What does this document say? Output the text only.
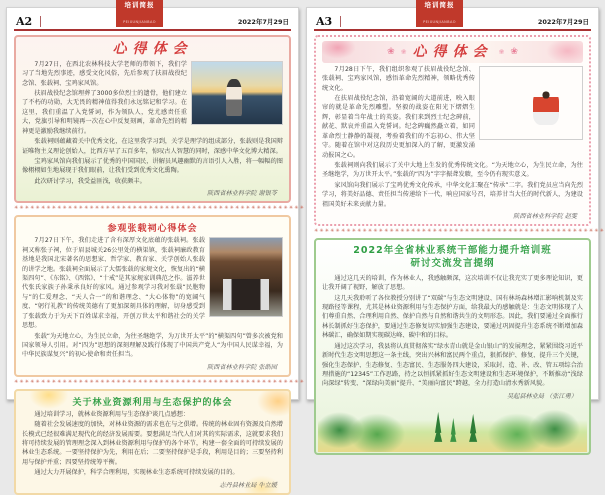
A2
培训简报
PEIXUNJIANBAO	2022年7月29日
心得体会

7月27日，在西北农林科技大学老师的带领下，我们学习了当地先烈事迹，感受文化风俗，先后参观了扶眉战役纪念馆、张载祠、宝鸡家风馆。

扶眉战役纪念馆埋葬了3000多位烈士的遗骨，他们建立了不朽的功勋，大无畏的精神值得我们永远铭记和学习。在这里，我们重温了入党誓词，作为领队人，党尤感责任重大，党旗引导和明镜再一次在心中反复刻画，革命先烈的精神更是激励我继续前行。

张载祠则蕴藏着关中优秀文化，在这里我学习到，关学是理学的组成部分，张载则是我国辩证唯物主义理论创始人，比西方早了五百多年，惊叹古人智慧的同时，深感中华文化博大精深。

宝鸡家风馆向我们展示了优秀的中国国民，讲解员风趣幽默的言语引人入胜，将一幅幅的图像栩栩如生地展现于我们眼前，让我们受到优秀文化熏陶。

此次研讨学习，我受益匪浅，收获颇丰。

陕西省林业科学院 谢银苓
✳✳✳✳✳✳✳✳✳✳✳✳✳✳✳✳✳✳✳✳✳✳✳✳✳✳✳✳✳✳✳✳✳✳✳✳✳✳✳✳✳✳✳✳✳✳✳✳✳✳✳✳✳✳
参观张载祠心得体会

7月27日下午，我们走进了含有深厚文化底蕴的张载祠。张载祠又称张子祠，位于眉县城关26公里处的横渠镇，张载祠廉政教育基地是我国北宋著名的思想家、哲学家、教育家、关学创始人张载的讲学之地。张载祠全面展示了大儒张载的家规文化，恢复出的“横渠四句”、《东铭》、《西铭》、“十戒”是其家规家训典范之作。滋养世代张氏家族子孙秉承良好的家风。通过参观学习我对张载“民胞物与”的仁爱理念、“天人合一”的和谐理念、“大心体物”的宽阔气度、“躬行礼教”的传统美德有了更加深刻具体的理解，切身感受到了张载致力于为天下百姓谋求幸福，开创万世太平和谐社会的关学思想。

张载“为天地立心，为生民立命，为往圣继绝学，为万世开太平”的“横渠四句”曾多次被党和国家领导人引用。对“四为”思想的深刻理解及践行体现了中国共产党人“为中国人民谋幸福，为中华民族谋复兴”的初心使命和责任担当。

陕西省林业科学院 张皓园
✳✳✳✳✳✳✳✳✳✳✳✳✳✳✳✳✳✳✳✳✳✳✳✳✳✳✳✳✳✳✳✳✳✳✳✳✳✳✳✳✳✳✳✳✳✳✳✳✳✳✳✳✳✳
关于林业资源利用与生态保护的体会

通过培训学习，就林业资源利用与生态保护谈几点感想：

随着社会发展速度的加快，对林业资源的需求也在与之俱增。传统的林业固有资源及自然增长模式已经很难满足现代化的经济发展需要。要想满足当代人们对其的实际需求，这就要求我们将可持续发展的管理理念深入到林业资源利用与保护的各个环节，构建一套全面的可持续发展的林业生态系统。一要坚持保护为先，利用在后；二要坚持保护是手段，利用是目的；三要坚持利用与保护并重；四要坚持统筹平衡。

通过大力开展保护，科学合理利用，实现林业生态系统可持续发展的目的。

志丹县林业局 牛立媛
A3
培训简报
PEIXUNJIANBAO	2022年7月29日
❀ ❀ 心得体会 ❀ ❀

7月28日下午，我们组织参观了扶眉战役纪念馆、张载祠、宝鸡家风馆，感悟革命先烈精神，领略优秀传统文化。

在扶眉战役纪念馆，沿着宽阔的大道前进，映入眼帘的就是革命先烈雕塑。坚毅的战姿在阳光下熠熠生辉，彰显着当年战士的英姿。我们来到烈士纪念碑前，献花、默哀并重温入党誓词。纪念碑巍然矗立着，如同革命烈士静静的凝视，考验着我们的不忘初心、伟大坚守。随着在馆中对这段历史更加深入的了解，更激发涌动报国之心。

张载祠则向我们展示了关中大地上生发的优秀传统文化。“为天地立心，为生民立命，为往圣继绝学，为万世开太平。”张载的“四为”字字振聋发聩，至今仍有现实意义。

家风馆向我们展示了宝鸡优秀文化传承，中华文化汇聚在“传承”二字。我们党员应当向先烈学习，将美好品德、责任担当传递给下一代，响应国家号召，培养甘当大任的时代新人，为建设祖国美好未来贡献力量。

陕西省林业科学院 赵雯
✳✳✳✳✳✳✳✳✳✳✳✳✳✳✳✳✳✳✳✳✳✳✳✳✳✳✳✳✳✳✳✳✳✳✳✳✳✳✳✳✳✳✳✳✳✳✳✳✳✳✳✳✳✳
2022年全省林业系统干部能力提升培训班
研讨交流发言提纲

通过这几天的培训，作为林业人，我感触颇深，这次培训不仅让我充实了更多理论知识，更让我开阔了视野，解放了思想。

这几天我聆听了各位教授分别讲了“双碳”与生态文明建设、国有林场森林增汇影响机制及实现路径等课程，尤其是林业资源利用与生态保护方面，给我最大的感触就是：生态文明体现了人们尊重自然、合理利用自然、保护自然与自然和谐共生的文明形态。因此，我们要通过全面推行林长制抓好生态保护，要通过生态修复切实加强生态建设，要通过巩固提升生态系统不断增加森林碳汇，确保如期实现碳达峰、碳中和的目标。

通过这次学习，我县将认真贯彻落实“绿水青山就是金山银山”的发展理念，紧紧围绕习近平新时代生态文明思想这一条主线，突出兴林和富民两个重点，狠抓保护、修复、提升三个关键，强化生态保护、生态修复、生态富民、生态服务四大建设，采取封、造、补、改、管五项综合治理措施的“12345”工作思路，持之以恒抓紧抓好生态文明建设和生态环境保护，不断推动“浅绿向深绿”转变、“深绿向美丽”提升、“美丽向富民”跨越，全力打造山清水秀新风貌。

吴起县林业局 （张江勇）
